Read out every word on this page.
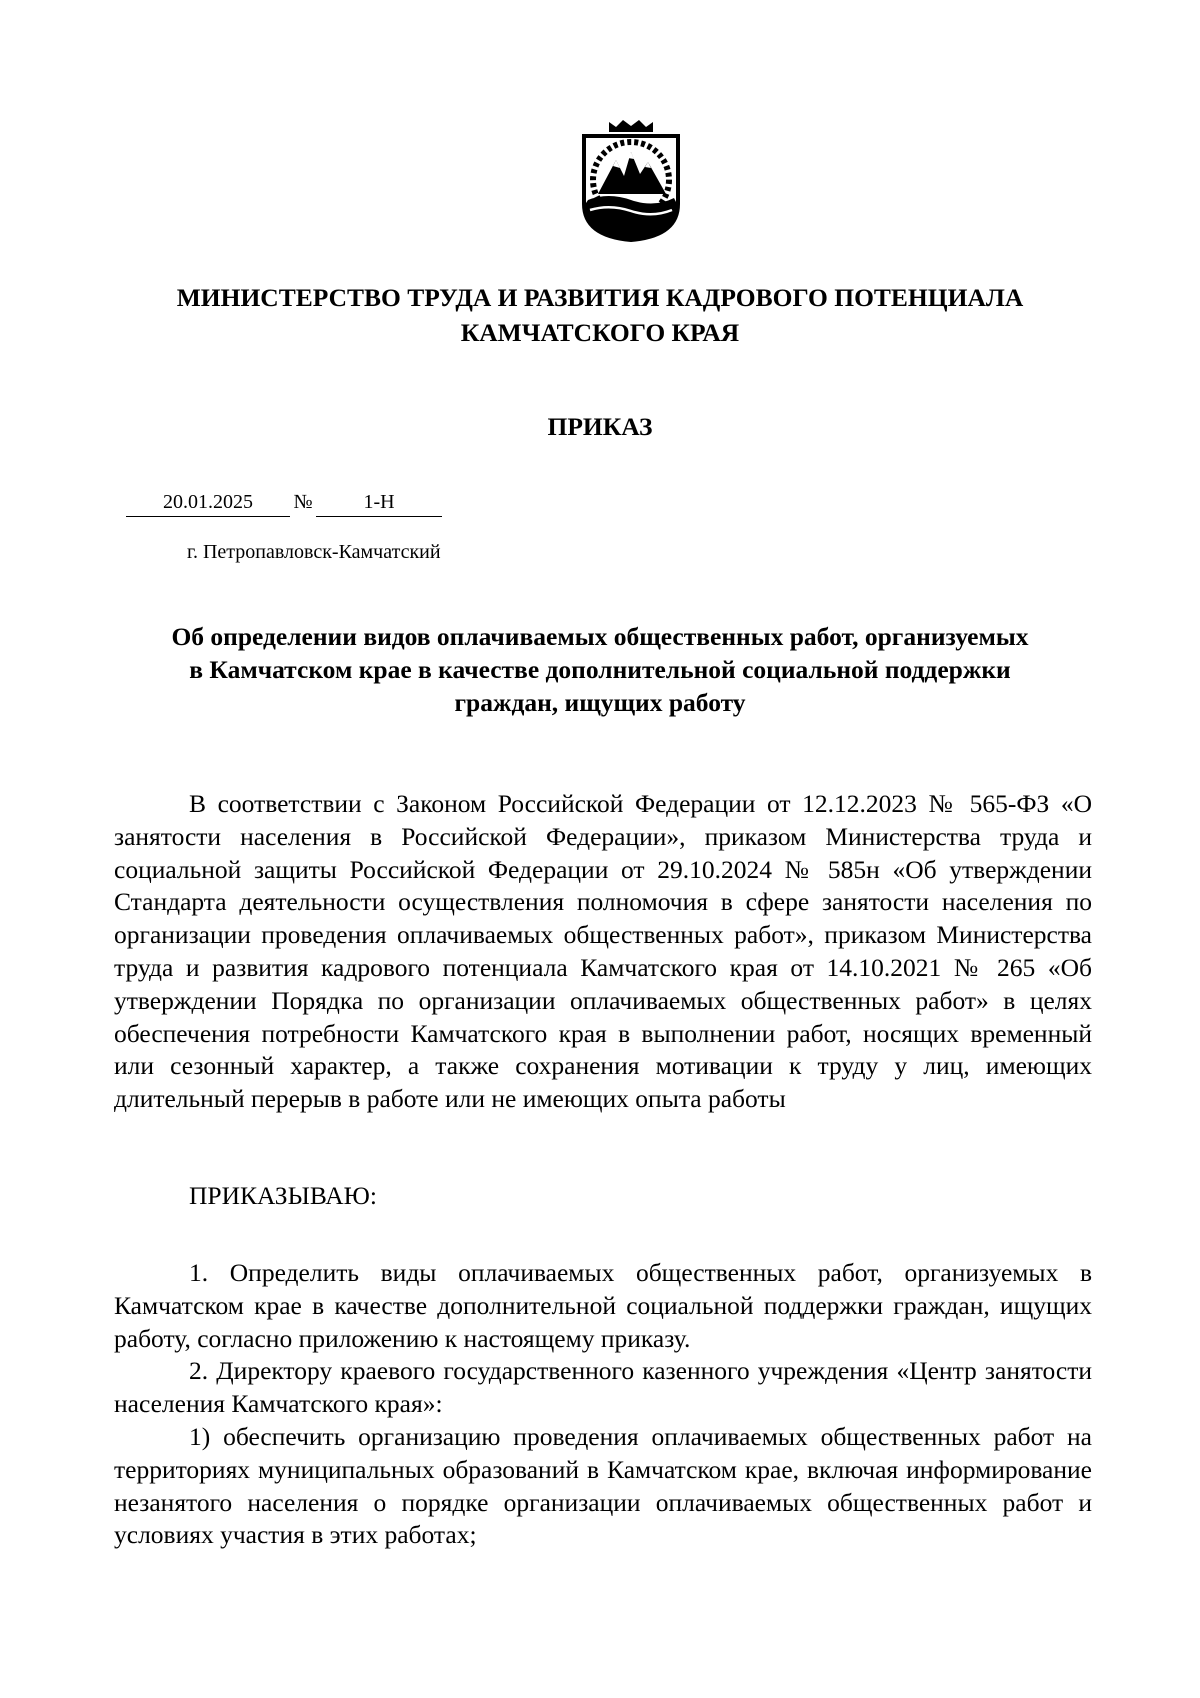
МИНИСТЕРСТВО ТРУДА И РАЗВИТИЯ КАДРОВОГО ПОТЕНЦИАЛА
КАМЧАТСКОГО КРАЯ
ПРИКАЗ
20.01.2025 №	1-Н
г. Петропавловск-Камчатский
Об определении видов оплачиваемых общественных работ, организуемых
в Камчатском крае в качестве дополнительной социальной поддержки
граждан, ищущих работу

В соответствии с Законом Российской Федерации от 12.12.2023 № 565-ФЗ «О занятости населения в Российской Федерации», приказом Министерства труда и социальной защиты Российской Федерации от 29.10.2024 № 585н «Об утверждении Стандарта деятельности осуществления полномочия в сфере занятости населения по организации проведения оплачиваемых общественных работ», приказом Министерства труда и развития кадрового потенциала Камчатского края от 14.10.2021 № 265 «Об утверждении Порядка по организации оплачиваемых общественных работ» в целях обеспечения потребности Камчатского края в выполнении работ, носящих временный или сезонный характер, а также сохранения мотивации к труду у лиц, имеющих длительный перерыв в работе или не имеющих опыта работы

ПРИКАЗЫВАЮ:

1. Определить виды оплачиваемых общественных работ, организуемых в Камчатском крае в качестве дополнительной социальной поддержки граждан, ищущих работу, согласно приложению к настоящему приказу.

2. Директору краевого государственного казенного учреждения «Центр занятости населения Камчатского края»:

1) обеспечить организацию проведения оплачиваемых общественных работ на территориях муниципальных образований в Камчатском крае, включая информирование незанятого населения о порядке организации оплачиваемых общественных работ и условиях участия в этих работах;
